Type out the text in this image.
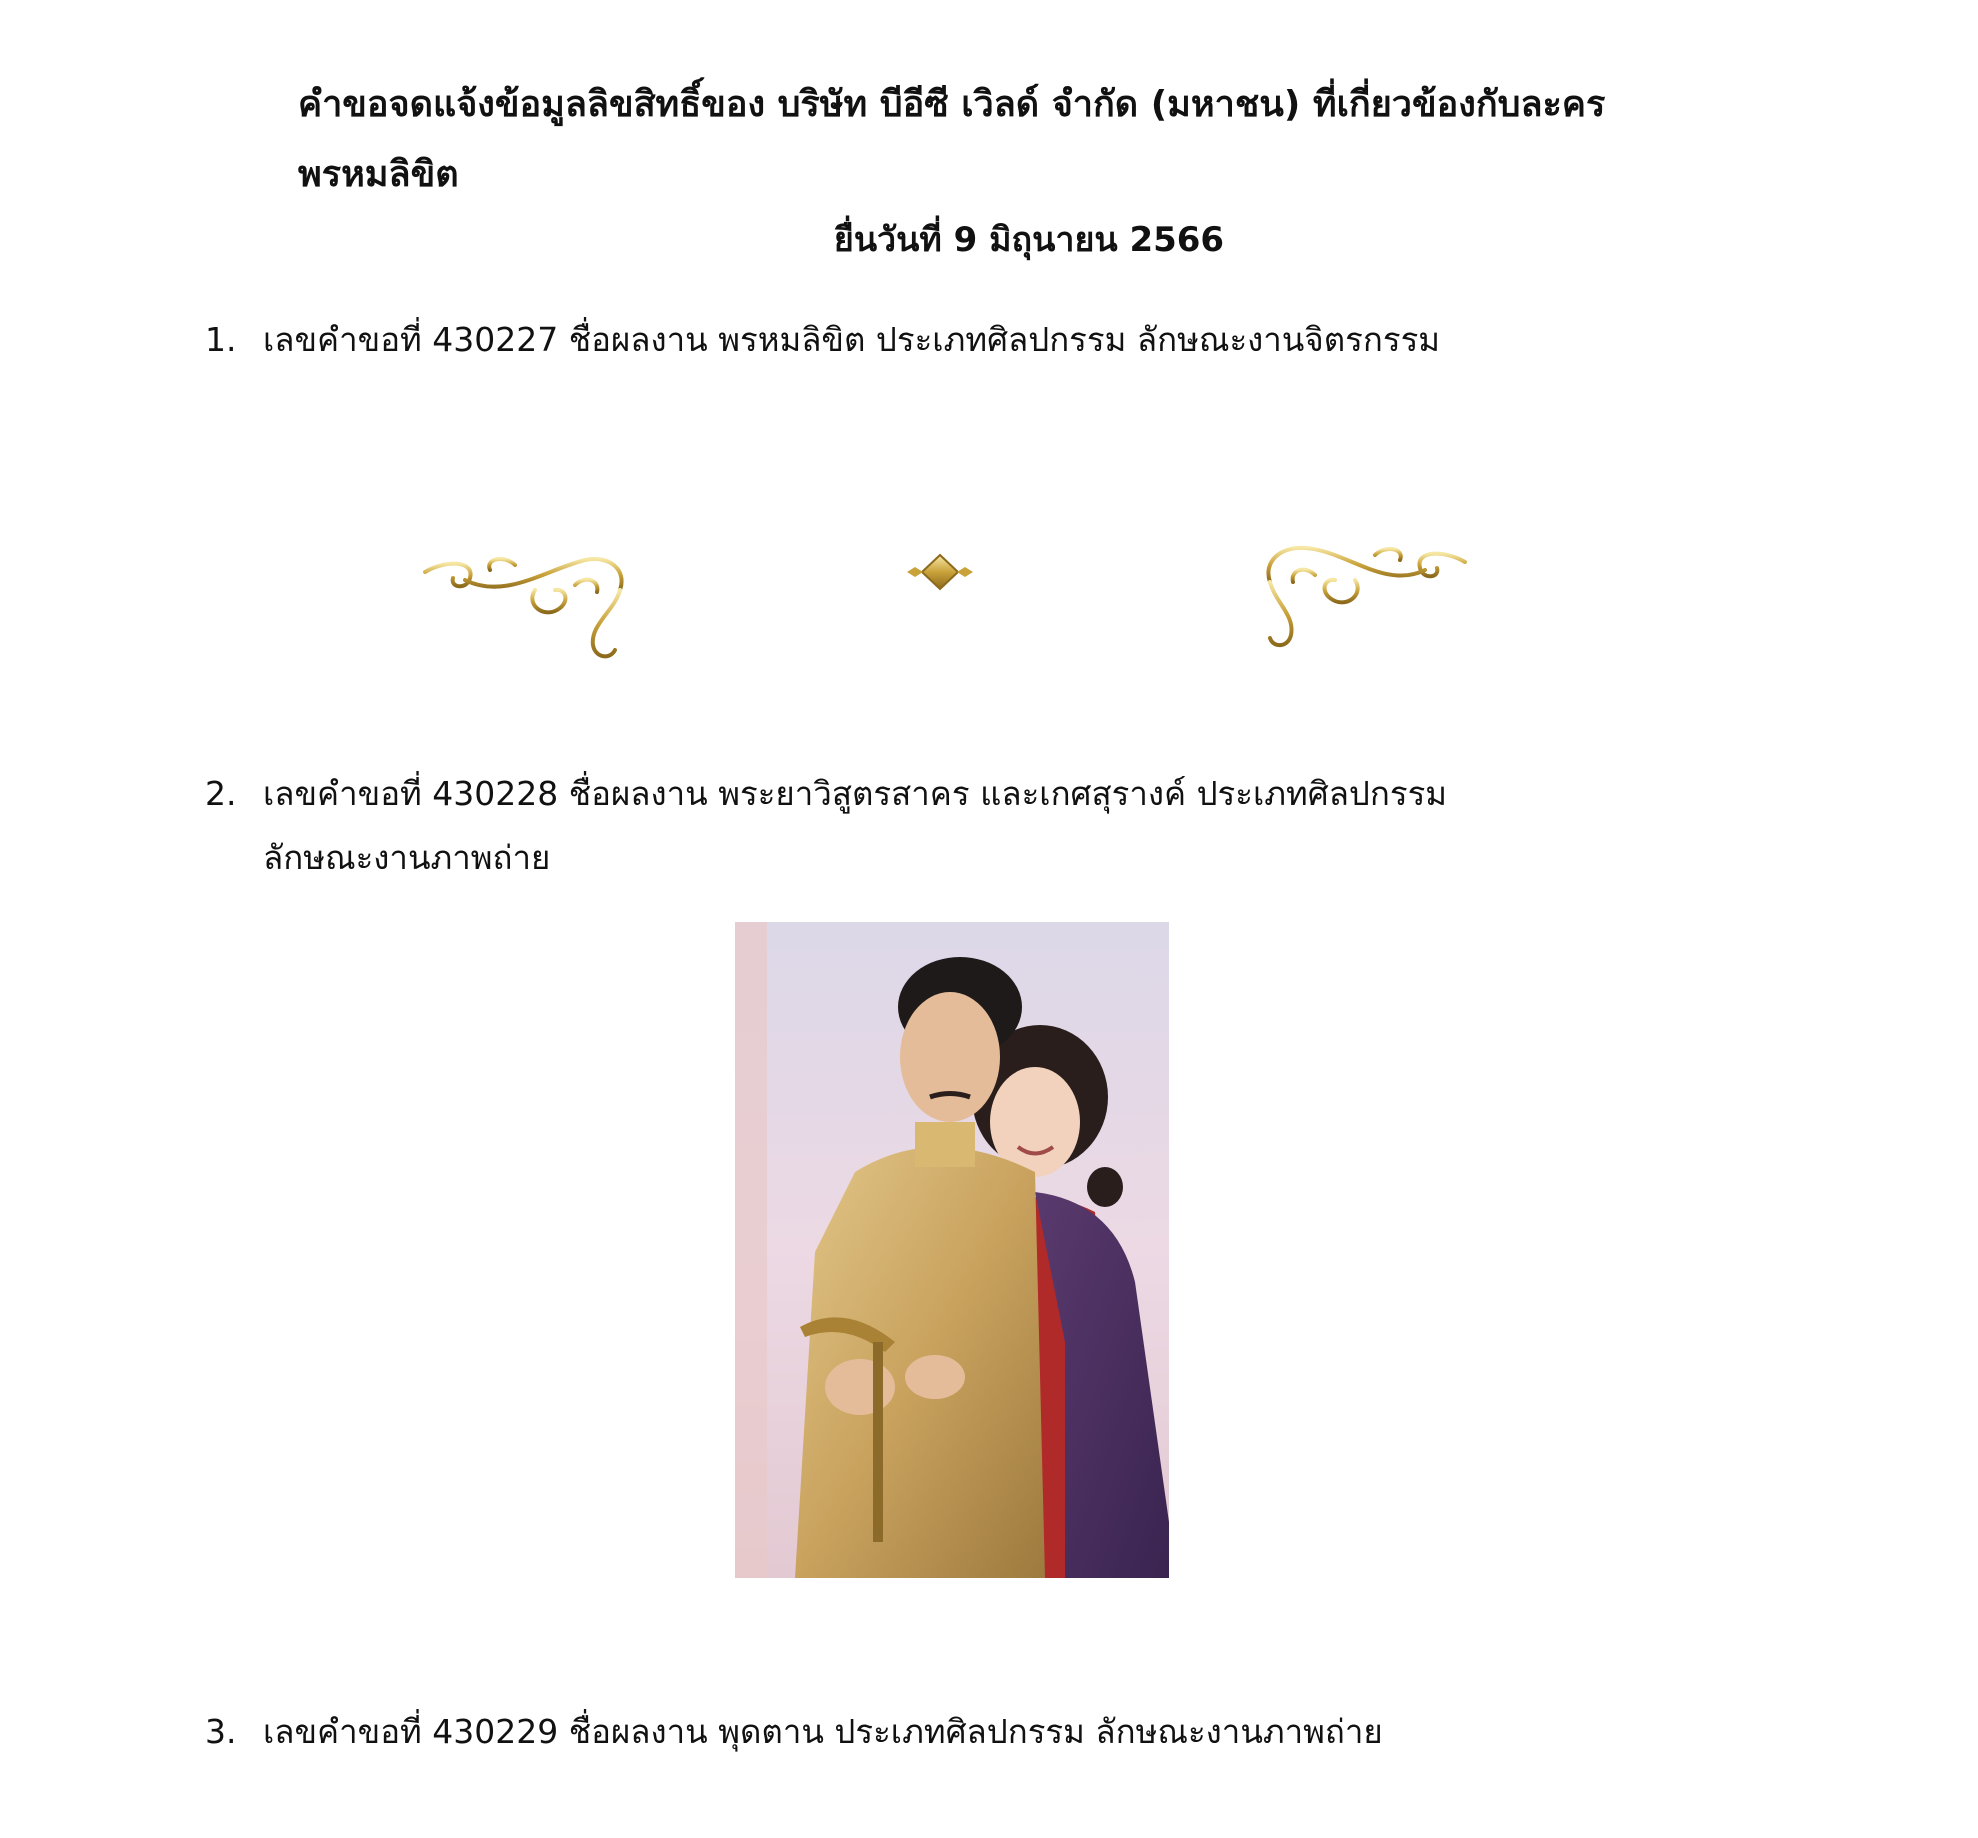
คำขอจดแจ้งข้อมูลลิขสิทธิ์ของ บริษัท บีอีซี เวิลด์ จำกัด (มหาชน) ที่เกี่ยวข้องกับละคร พรหมลิขิต
ยื่นวันที่ 9 มิถุนายน 2566
1. เลขคำขอที่ 430227 ชื่อผลงาน พรหมลิขิต ประเภทศิลปกรรม ลักษณะงานจิตรกรรม
2. เลขคำขอที่ 430228 ชื่อผลงาน พระยาวิสูตรสาคร และเกศสุรางค์ ประเภทศิลปกรรม ลักษณะงานภาพถ่าย
3. เลขคำขอที่ 430229 ชื่อผลงาน พุดตาน ประเภทศิลปกรรม ลักษณะงานภาพถ่าย
